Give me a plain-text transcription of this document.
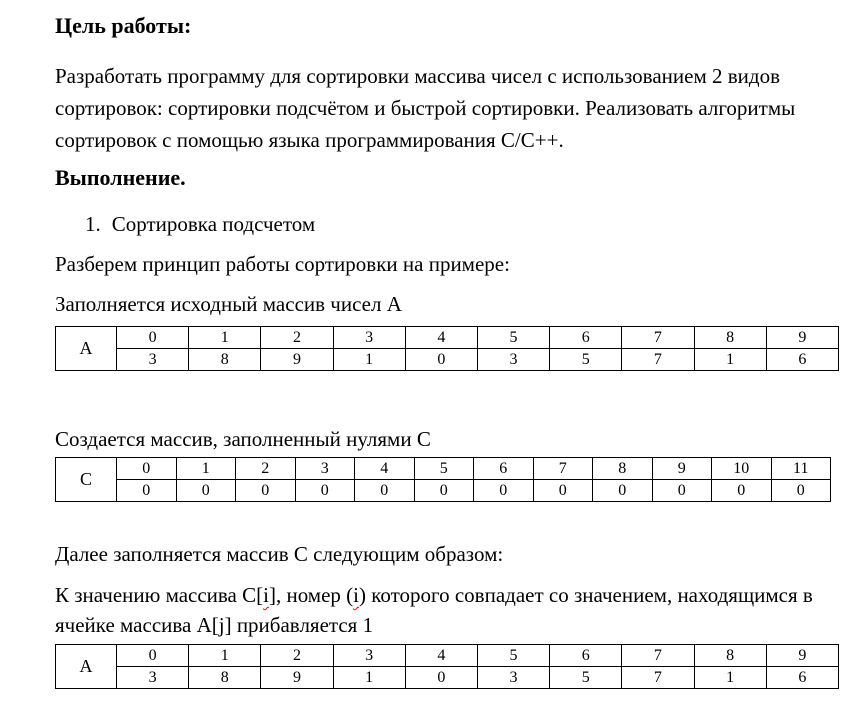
Цель работы:

Разработать программу для сортировки массива чисел с использованием 2 видов сортировок: сортировки подсчётом и быстрой сортировки. Реализовать алгоритмы сортировок с помощью языка программирования C/C++.

Выполнение.
1. Сортировка подсчетом

Разберем принцип работы сортировки на примере:

Заполняется исходный массив чисел А

А	0	1	2	3	4	5	6	7	8	9
	3	8	9	1	0	3	5	7	1	6

Создается массив, заполненный нулями С

С	0	1	2	3	4	5	6	7	8	9	10	11
	0	0	0	0	0	0	0	0	0	0	0	0

Далее заполняется массив C следующим образом:

К значению массива C[i], номер (i) которого совпадает со значением, находящимся в ячейке массива A[j] прибавляется 1

А	0	1	2	3	4	5	6	7	8	9
	3	8	9	1	0	3	5	7	1	6
